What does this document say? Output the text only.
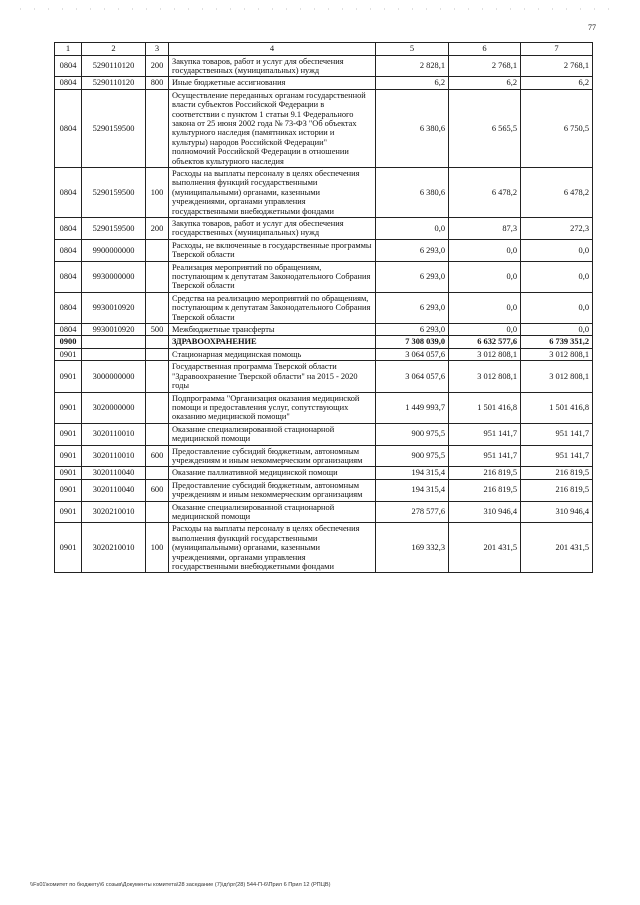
77
1	2	3	4	5	6	7
0804	5290110120	200	Закупка товаров, работ и услуг для обеспечения государственных (муниципальных) нужд	2 828,1	2 768,1	2 768,1
0804	5290110120	800	Иные бюджетные ассигнования	6,2	6,2	6,2
0804	5290159500		Осуществление переданных органам государственной власти субъектов Российской Федерации в соответствии с пунктом 1 статьи 9.1 Федерального закона от 25 июня 2002 года № 73-ФЗ "Об объектах культурного наследия (памятниках истории и культуры) народов Российской Федерации" полномочий Российской Федерации в отношении объектов культурного наследия	6 380,6	6 565,5	6 750,5
0804	5290159500	100	Расходы на выплаты персоналу в целях обеспечения выполнения функций государственными (муниципальными) органами, казенными учреждениями, органами управления государственными внебюджетными фондами	6 380,6	6 478,2	6 478,2
0804	5290159500	200	Закупка товаров, работ и услуг для обеспечения государственных (муниципальных) нужд	0,0	87,3	272,3
0804	9900000000		Расходы, не включенные в государственные программы Тверской области	6 293,0	0,0	0,0
0804	9930000000		Реализация мероприятий по обращениям, поступающим к депутатам Законодательного Собрания Тверской области	6 293,0	0,0	0,0
0804	9930010920		Средства на реализацию мероприятий по обращениям, поступающим к депутатам Законодательного Собрания Тверской области	6 293,0	0,0	0,0
0804	9930010920	500	Межбюджетные трансферты	6 293,0	0,0	0,0
0900			ЗДРАВООХРАНЕНИЕ	7 308 039,0	6 632 577,6	6 739 351,2
0901			Стационарная медицинская помощь	3 064 057,6	3 012 808,1	3 012 808,1
0901	3000000000		Государственная программа Тверской области "Здравоохранение Тверской области" на 2015 - 2020 годы	3 064 057,6	3 012 808,1	3 012 808,1
0901	3020000000		Подпрограмма "Организация оказания медицинской помощи и предоставления услуг, сопутствующих оказанию медицинской помощи"	1 449 993,7	1 501 416,8	1 501 416,8
0901	3020110010		Оказание специализированной стационарной медицинской помощи	900 975,5	951 141,7	951 141,7
0901	3020110010	600	Предоставление субсидий бюджетным, автономным учреждениям и иным некоммерческим организациям	900 975,5	951 141,7	951 141,7
0901	3020110040		Оказание паллиативной медицинской помощи	194 315,4	216 819,5	216 819,5
0901	3020110040	600	Предоставление субсидий бюджетным, автономным учреждениям и иным некоммерческим организациям	194 315,4	216 819,5	216 819,5
0901	3020210010		Оказание специализированной стационарной медицинской помощи	278 577,6	310 946,4	310 946,4
0901	3020210010	100	Расходы на выплаты персоналу в целях обеспечения выполнения функций государственными (муниципальными) органами, казенными учреждениями, органами управления государственными внебюджетными фондами	169 332,3	201 431,5	201 431,5
\\Fs01\комитет по бюджету\6 созыв\Документы комитета\28 заседание (7)\дг\рг(28) 544-П-6\Прил 6 Прил 12 (РПЦВ)
